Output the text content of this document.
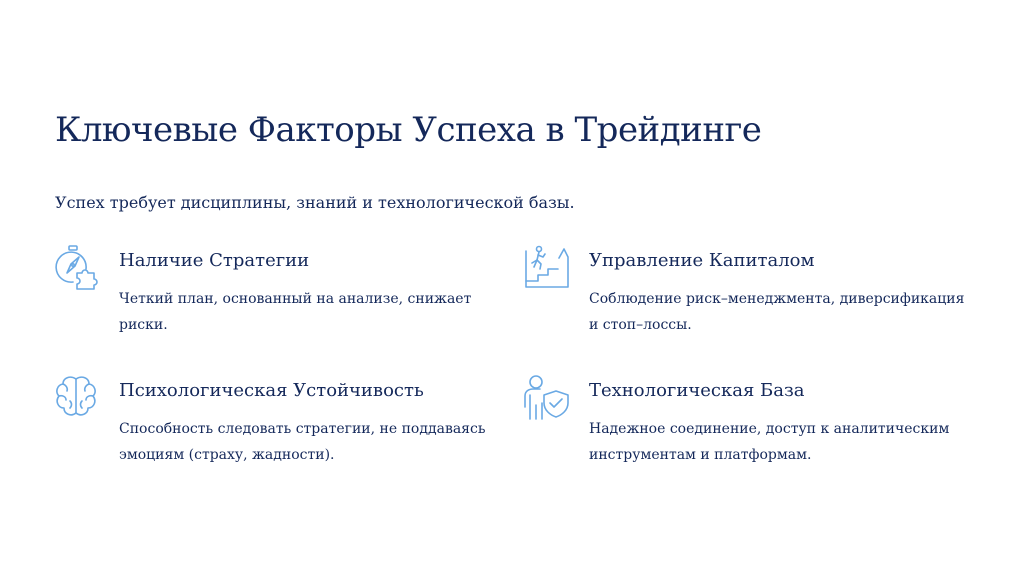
Ключевые Факторы Успеха в Трейдинге

Успех требует дисциплины, знаний и технологической базы.

Наличие Стратегии

Четкий план, основанный на анализе, снижает риски.

Управление Капиталом

Соблюдение риск–менеджмента, диверсификация и стоп–лоссы.

Психологическая Устойчивость

Способность следовать стратегии, не поддаваясь эмоциям (страху, жадности).

Технологическая База

Надежное соединение, доступ к аналитическим инструментам и платформам.
